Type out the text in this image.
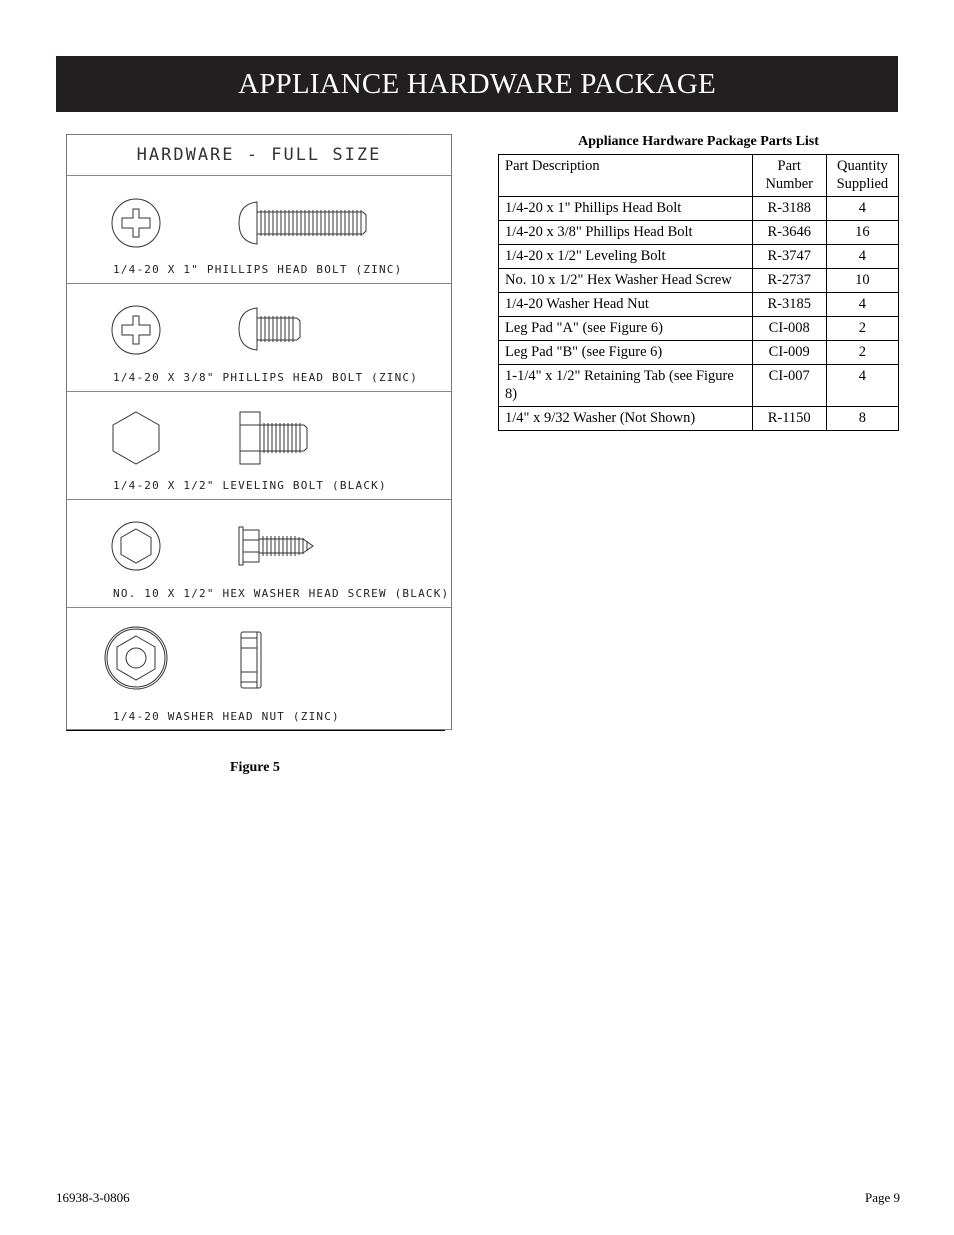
APPLIANCE HARDWARE PACKAGE
HARDWARE - FULL SIZE
1/4-20 X 1" PHILLIPS HEAD BOLT (ZINC)
1/4-20 X 3/8" PHILLIPS HEAD BOLT (ZINC)
1/4-20 X 1/2" LEVELING BOLT (BLACK)
NO. 10 X 1/2" HEX WASHER HEAD SCREW (BLACK)
1/4-20 WASHER HEAD NUT (ZINC)
Figure 5
Appliance Hardware Package Parts List
Part Description	Part Number	Quantity Supplied
1/4-20 x 1" Phillips Head Bolt	R-3188	4
1/4-20 x 3/8" Phillips Head Bolt	R-3646	16
1/4-20 x 1/2" Leveling Bolt	R-3747	4
No. 10 x 1/2" Hex Washer Head Screw	R-2737	10
1/4-20 Washer Head Nut	R-3185	4
Leg Pad "A" (see Figure 6)	CI-008	2
Leg Pad "B" (see Figure 6)	CI-009	2
1-1/4" x 1/2" Retaining Tab (see Figure 8)	CI-007	4
1/4" x 9/32 Washer (Not Shown)	R-1150	8
16938-3-0806	Page 9
